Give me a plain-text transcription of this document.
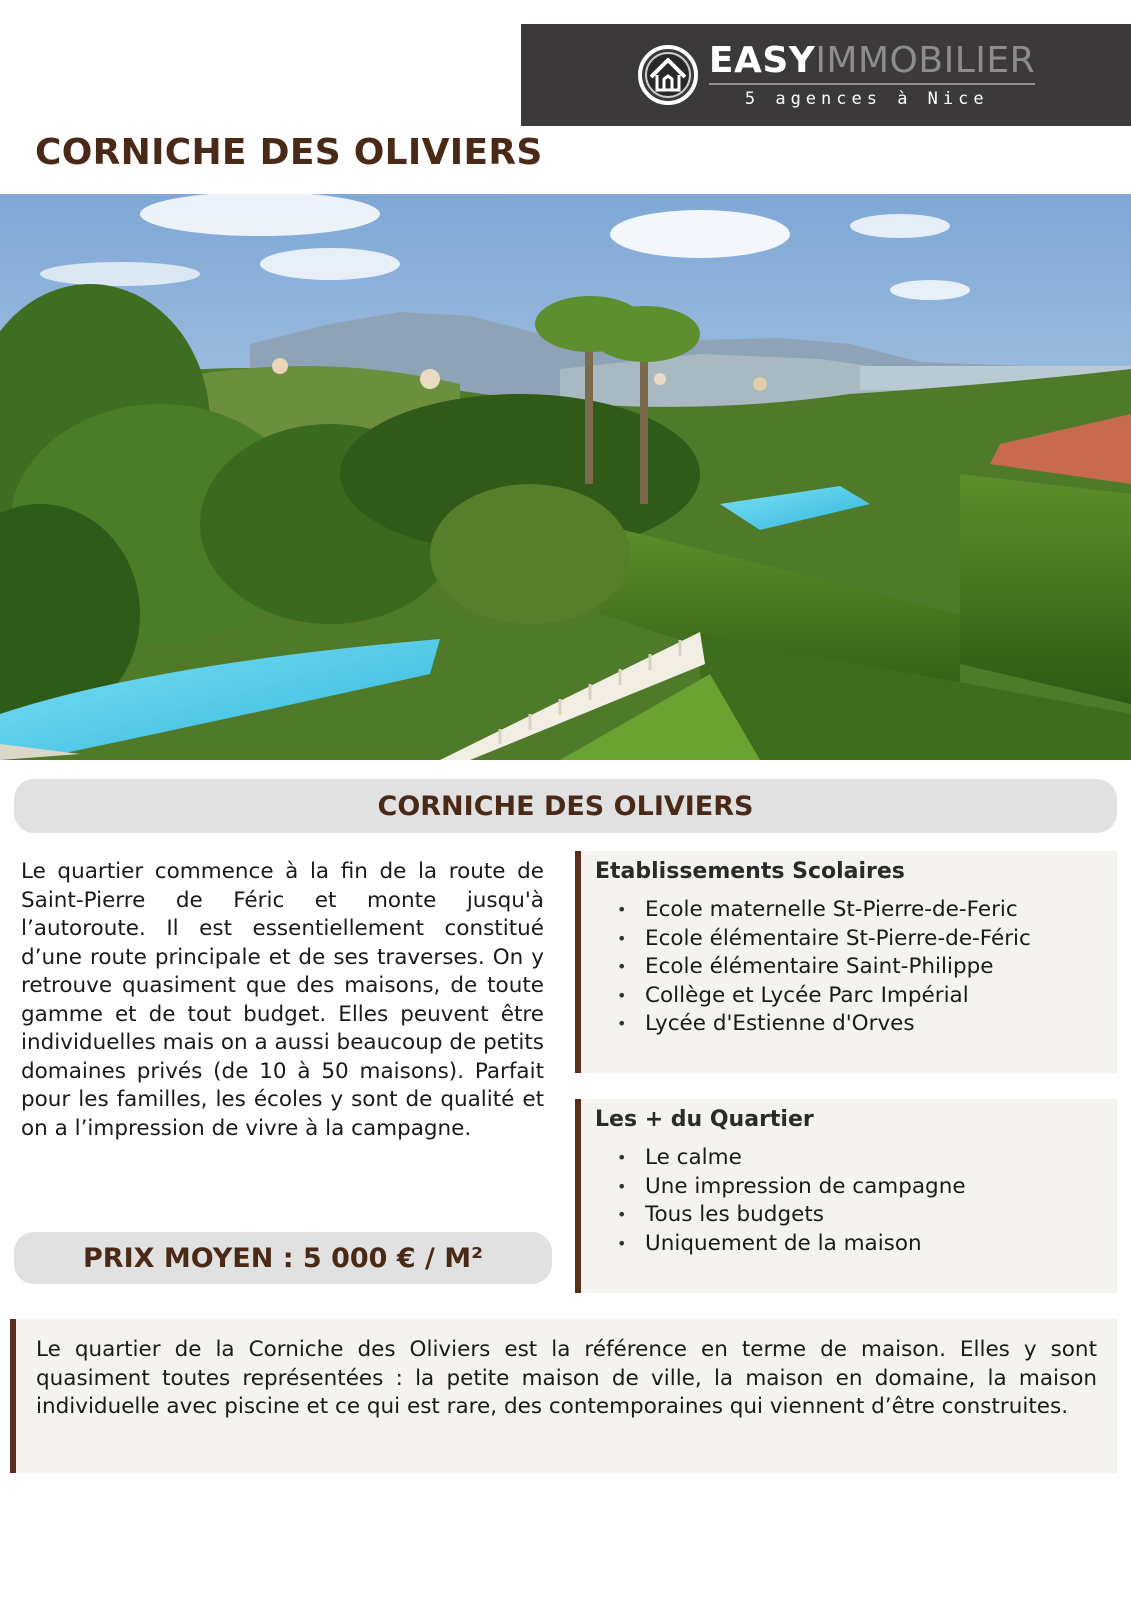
EASYIMMOBILIER
5 agences à Nice
CORNICHE DES OLIVIERS
CORNICHE DES OLIVIERS

Le quartier commence à la fin de la route de Saint-Pierre de Féric et monte jusqu'à l’autoroute. Il est essentiellement constitué d’une route principale et de ses traverses. On y retrouve quasiment que des maisons, de toute gamme et de tout budget. Elles peuvent être individuelles mais on a aussi beaucoup de petits domaines privés (de 10 à 50 maisons). Parfait pour les familles, les écoles y sont de qualité et on a l’impression de vivre à la campagne.

PRIX MOYEN : 5 000 € / M²
Etablissements Scolaires
• Ecole maternelle St-Pierre-de-Feric
• Ecole élémentaire St-Pierre-de-Féric
• Ecole élémentaire Saint-Philippe
• Collège et Lycée Parc Impérial
• Lycée d'Estienne d'Orves
Les + du Quartier
• Le calme
• Une impression de campagne
• Tous les budgets
• Uniquement de la maison
Le quartier de la Corniche des Oliviers est la référence en terme de maison. Elles y sont quasiment toutes représentées : la petite maison de ville, la maison en domaine, la maison individuelle avec piscine et ce qui est rare, des contemporaines qui viennent d’être construites.
